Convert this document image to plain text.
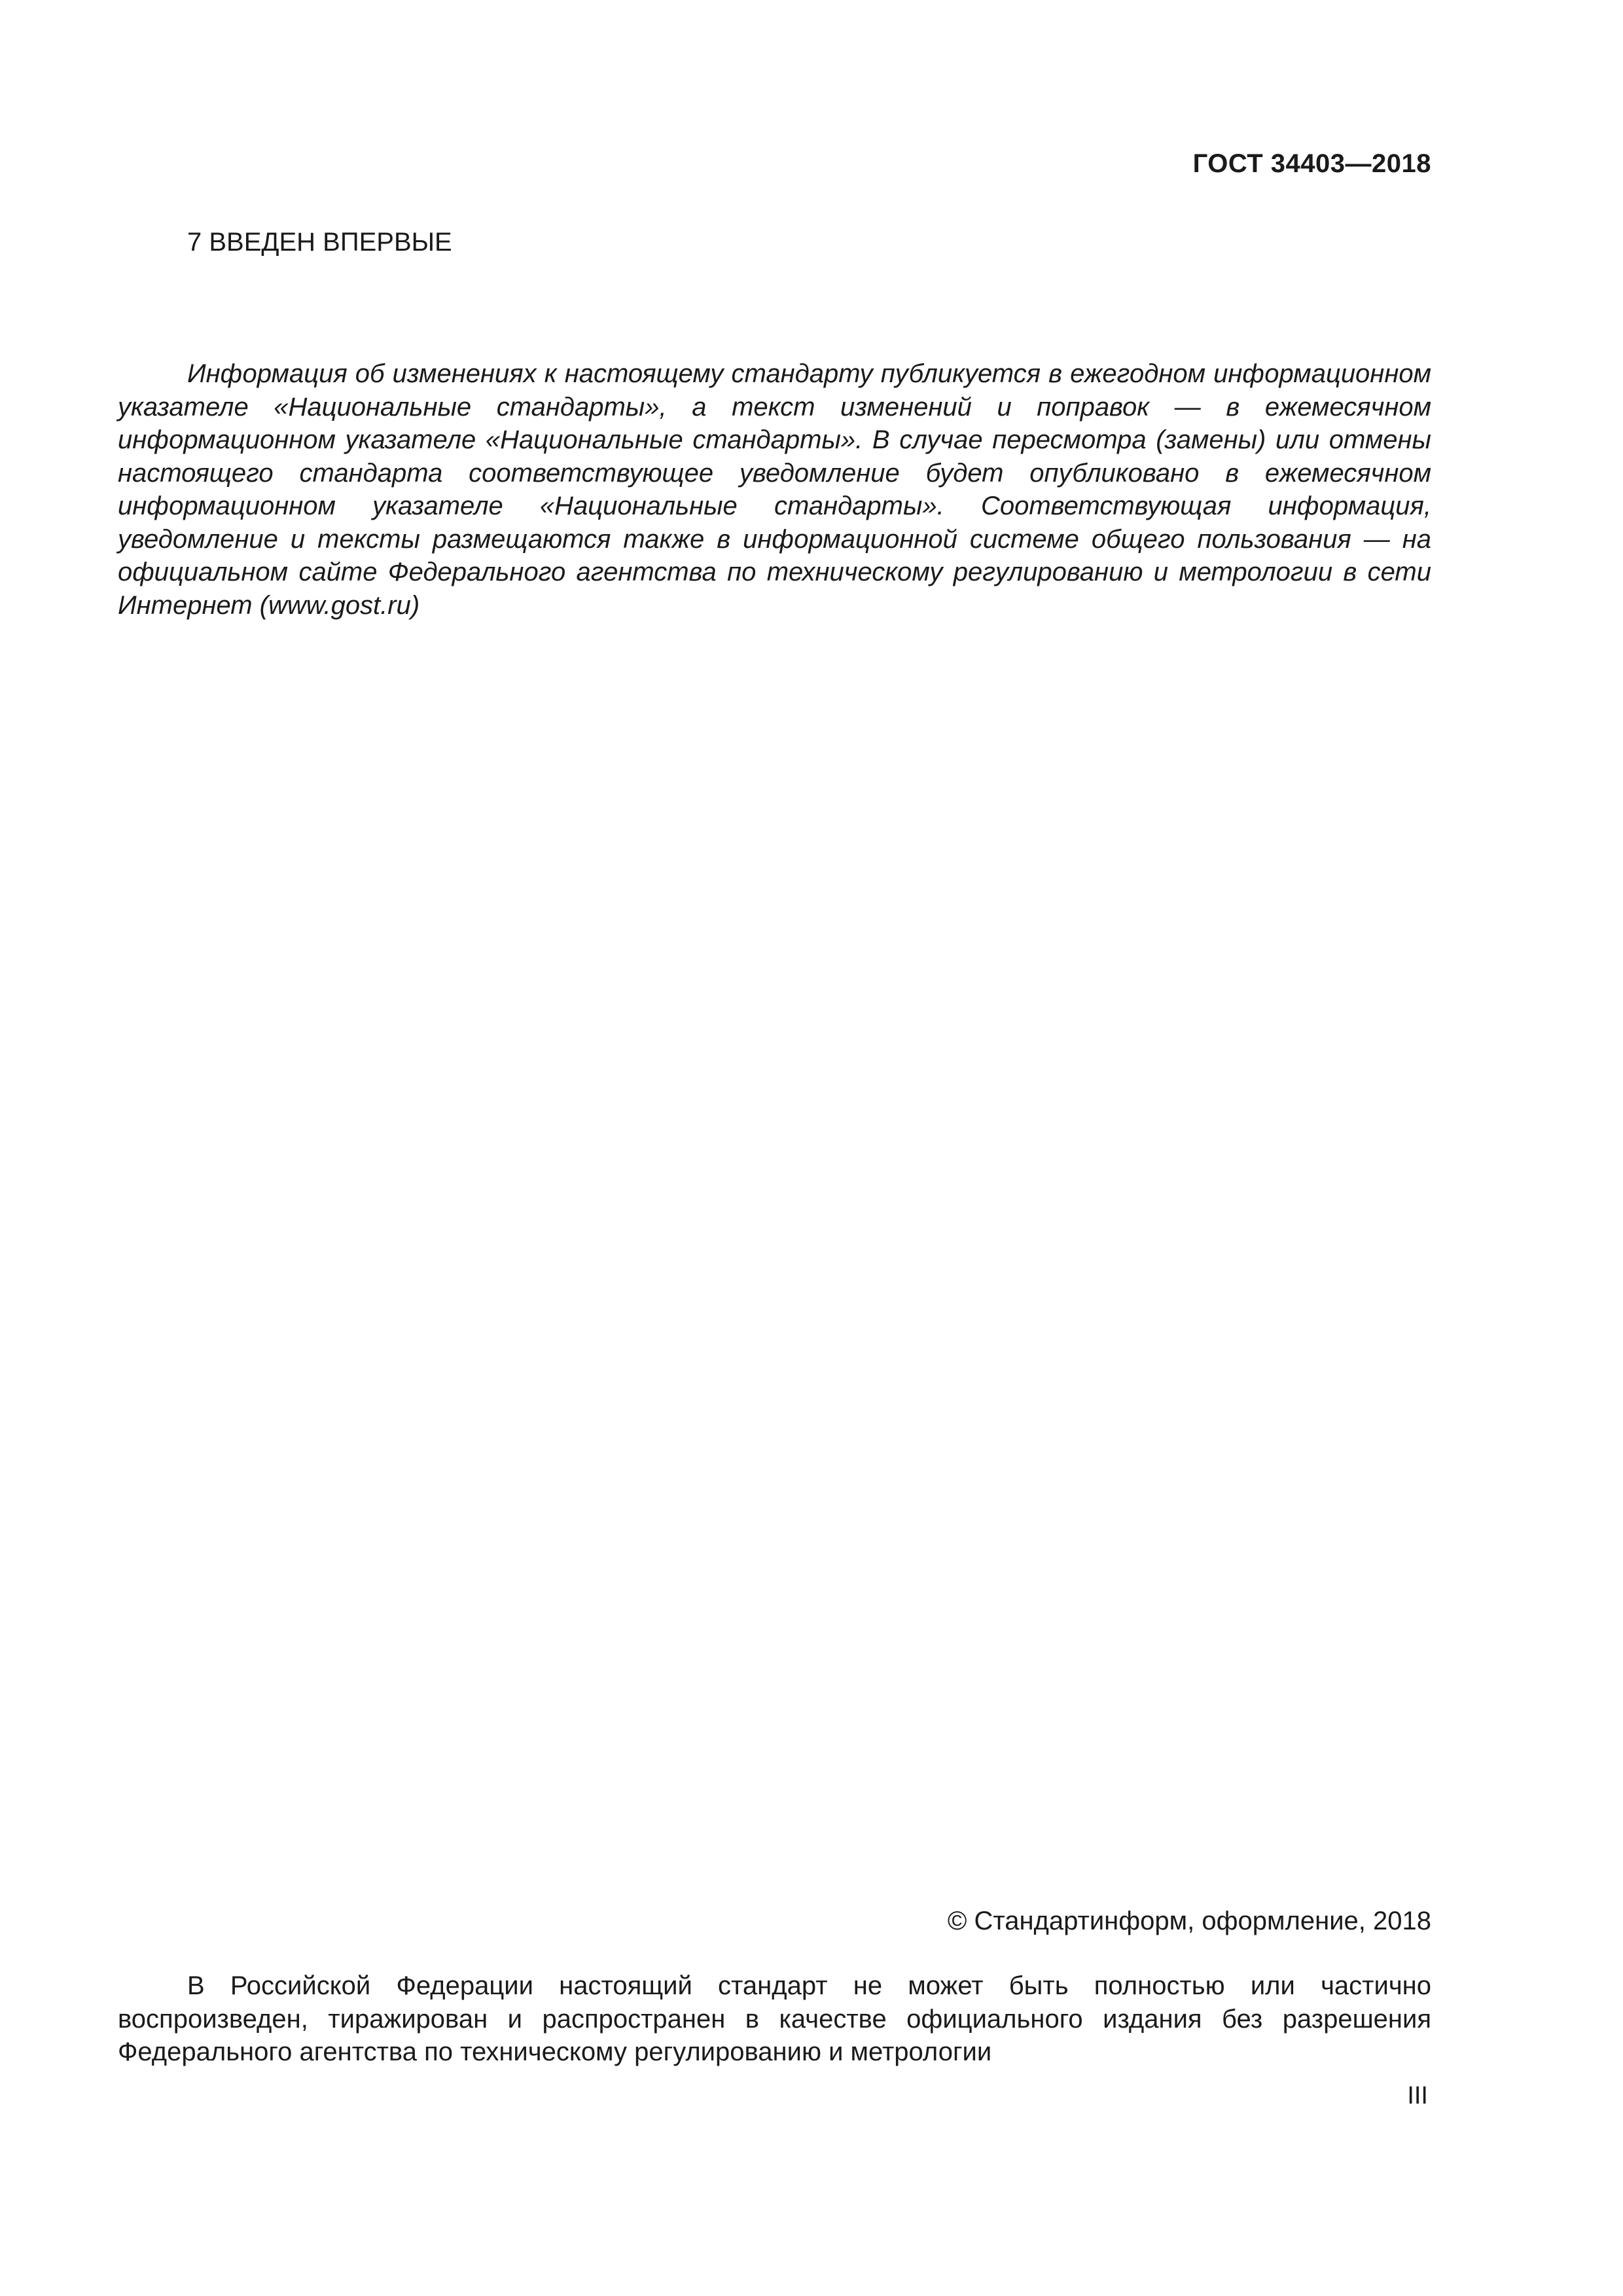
ГОСТ 34403—2018
7 ВВЕДЕН ВПЕРВЫЕ

Информация об изменениях к настоящему стандарту публикуется в ежегодном информационном указателе «Национальные стандарты», а текст изменений и поправок — в ежемесячном информационном указателе «Национальные стандарты». В случае пересмотра (замены) или отмены настоящего стандарта соответствующее уведомление будет опубликовано в ежемесячном информационном указателе «Национальные стандарты». Соответствующая информация, уведомление и тексты размещаются также в информационной системе общего пользования — на официальном сайте Федерального агентства по техническому регулированию и метрологии в сети Интернет (www.gost.ru)

© Стандартинформ, оформление, 2018

В Российской Федерации настоящий стандарт не может быть полностью или частично воспроизведен, тиражирован и распространен в качестве официального издания без разрешения Федерального агентства по техническому регулированию и метрологии

III
